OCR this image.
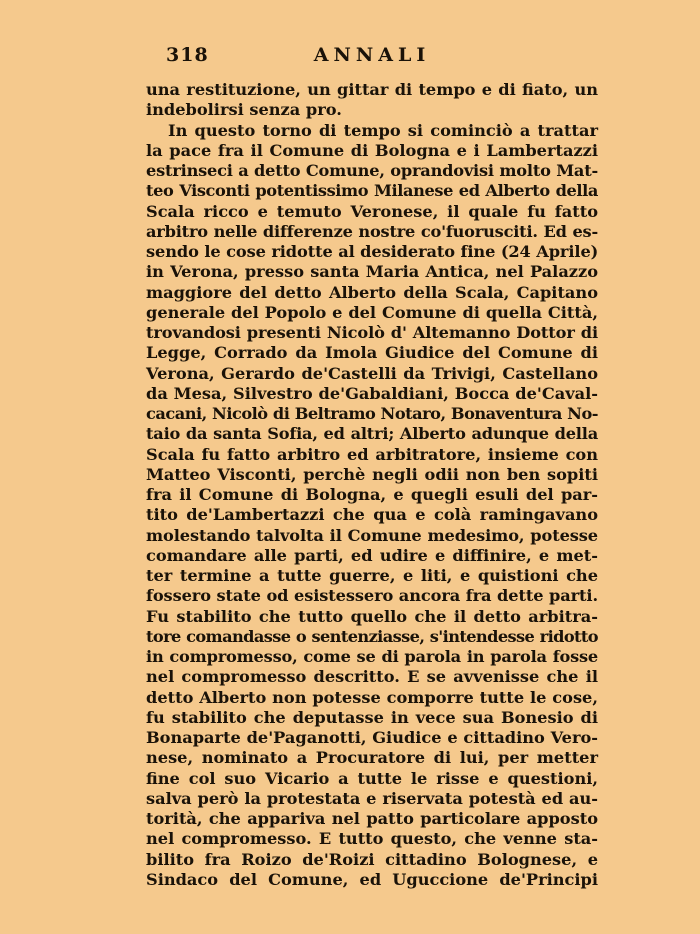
318	ANNALI
una restituzione, un gittar di tempo e di fiato, un
indebolirsi senza pro.
In questo torno di tempo si cominciò a trattar
la pace fra il Comune di Bologna e i Lambertazzi
estrinseci a detto Comune, oprandovisi molto Mat-
teo Visconti potentissimo Milanese ed Alberto della
Scala ricco e temuto Veronese, il quale fu fatto
arbitro nelle differenze nostre co'fuorusciti. Ed es-
sendo le cose ridotte al desiderato fine (24 Aprile)
in Verona, presso santa Maria Antica, nel Palazzo
maggiore del detto Alberto della Scala, Capitano
generale del Popolo e del Comune di quella Città,
trovandosi presenti Nicolò d' Altemanno Dottor di
Legge, Corrado da Imola Giudice del Comune di
Verona, Gerardo de'Castelli da Trivigi, Castellano
da Mesa, Silvestro de'Gabaldiani, Bocca de'Caval-
cacani, Nicolò di Beltramo Notaro, Bonaventura No-
taio da santa Sofia, ed altri; Alberto adunque della
Scala fu fatto arbitro ed arbitratore, insieme con
Matteo Visconti, perchè negli odii non ben sopiti
fra il Comune di Bologna, e quegli esuli del par-
tito de'Lambertazzi che qua e colà ramingavano
molestando talvolta il Comune medesimo, potesse
comandare alle parti, ed udire e diffinire, e met-
ter termine a tutte guerre, e liti, e quistioni che
fossero state od esistessero ancora fra dette parti.
Fu stabilito che tutto quello che il detto arbitra-
tore comandasse o sentenziasse, s'intendesse ridotto
in compromesso, come se di parola in parola fosse
nel compromesso descritto. E se avvenisse che il
detto Alberto non potesse comporre tutte le cose,
fu stabilito che deputasse in vece sua Bonesio di
Bonaparte de'Paganotti, Giudice e cittadino Vero-
nese, nominato a Procuratore di lui, per metter
fine col suo Vicario a tutte le risse e questioni,
salva però la protestata e riservata potestà ed au-
torità, che appariva nel patto particolare apposto
nel compromesso. E tutto questo, che venne sta-
bilito fra Roizo de'Roizi cittadino Bolognese, e
Sindaco del Comune, ed Uguccione de'Principi
